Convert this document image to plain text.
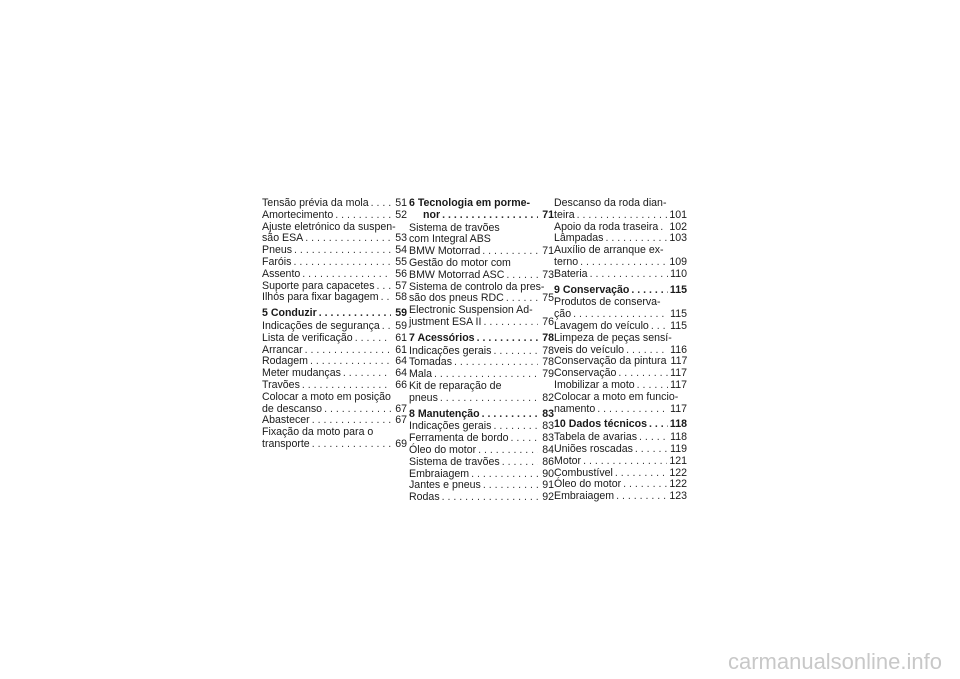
Tensão prévia da mola . . .	51
Amortecimento . . .	52
Ajuste eletrónico da suspen-
são ESA . . .	53
Pneus . . .	54
Faróis . . .	55
Assento . . .	56
Suporte para capacetes . . . 57
Ilhós para fixar bagagem . . . 58
5 Conduzir . . .	59
Indicações de segurança . . . 59
Lista de verificação . . .	61
Arrancar . . .	61
Rodagem . . .	64
Meter mudanças . . .	64
Travões . . .	66
Colocar a moto em posição
de descanso . . .	67
Abastecer . . .	67
Fixação da moto para o
transporte . . .	69
6 Tecnologia em porme-
nor . . .	71
Sistema de travões
com Integral ABS
BMW Motorrad . . .	71
Gestão do motor com
BMW Motorrad ASC . . .	73
Sistema de controlo da pres-
são dos pneus RDC . . .	75
Electronic Suspension Ad-
justment ESA II . . .	76
7 Acessórios . . .	78
Indicações gerais . . .	78
Tomadas . . .	78
Mala . . .	79
Kit de reparação de
pneus . . .	82
8 Manutenção . . .	83
Indicações gerais . . .	83
Ferramenta de bordo . . .	83
Óleo do motor . . .	84
Sistema de travões . . .	86
Embraiagem . . .	90
Jantes e pneus . . .	91
Rodas . . .	92
Descanso da roda dian-
teira . . .	101
Apoio da roda traseira . . . 102
Lâmpadas . . .	103
Auxílio de arranque ex-
terno . . .	109
Bateria . . .	110
9 Conservação . . .	115
Produtos de conserva-
ção . . .	115
Lavagem do veículo . . . 115
Limpeza de peças sensí-
veis do veículo . . .	116
Conservação da pintura 117
Conservação . . .	117
Imobilizar a moto . . .	117
Colocar a moto em funcio-
namento . . .	117
10 Dados técnicos . . . 118
Tabela de avarias . . .	118
Uniões roscadas . . .	119
Motor . . .	121
Combustível . . .	122
Óleo do motor . . .	122
Embraiagem . . .	123
carmanualsonline.info
